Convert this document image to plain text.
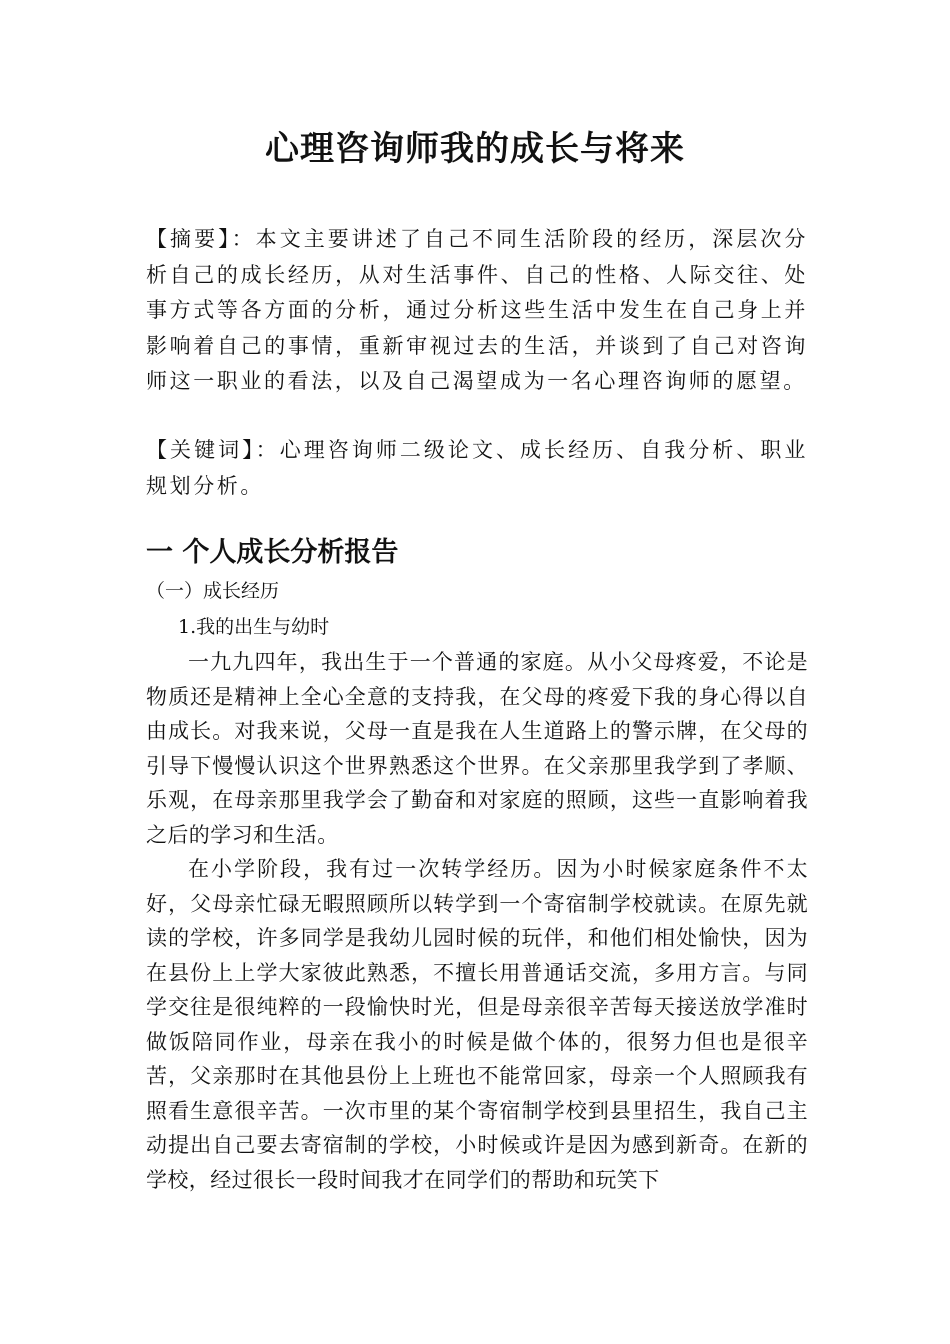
心理咨询师我的成长与将来
【摘要】：本文主要讲述了自己不同生活阶段的经历，深层次分析自己的成长经历，从对生活事件、自己的性格、人际交往、处事方式等各方面的分析，通过分析这些生活中发生在自己身上并影响着自己的事情，重新审视过去的生活，并谈到了自己对咨询师这一职业的看法，以及自己渴望成为一名心理咨询师的愿望。
【关键词】：心理咨询师二级论文、成长经历、自我分析、职业规划分析。
一 个人成长分析报告
（一）成长经历
1.我的出生与幼时

一九九四年，我出生于一个普通的家庭。从小父母疼爱，不论是物质还是精神上全心全意的支持我，在父母的疼爱下我的身心得以自由成长。对我来说，父母一直是我在人生道路上的警示牌，在父母的引导下慢慢认识这个世界熟悉这个世界。在父亲那里我学到了孝顺、乐观，在母亲那里我学会了勤奋和对家庭的照顾，这些一直影响着我之后的学习和生活。

在小学阶段，我有过一次转学经历。因为小时候家庭条件不太好，父母亲忙碌无暇照顾所以转学到一个寄宿制学校就读。在原先就读的学校，许多同学是我幼儿园时候的玩伴，和他们相处愉快，因为在县份上上学大家彼此熟悉，不擅长用普通话交流，多用方言。与同学交往是很纯粹的一段愉快时光，但是母亲很辛苦每天接送放学准时做饭陪同作业，母亲在我小的时候是做个体的，很努力但也是很辛苦，父亲那时在其他县份上上班也不能常回家，母亲一个人照顾我有照看生意很辛苦。一次市里的某个寄宿制学校到县里招生，我自己主动提出自己要去寄宿制的学校，小时候或许是因为感到新奇。在新的学校，经过很长一段时间我才在同学们的帮助和玩笑下
